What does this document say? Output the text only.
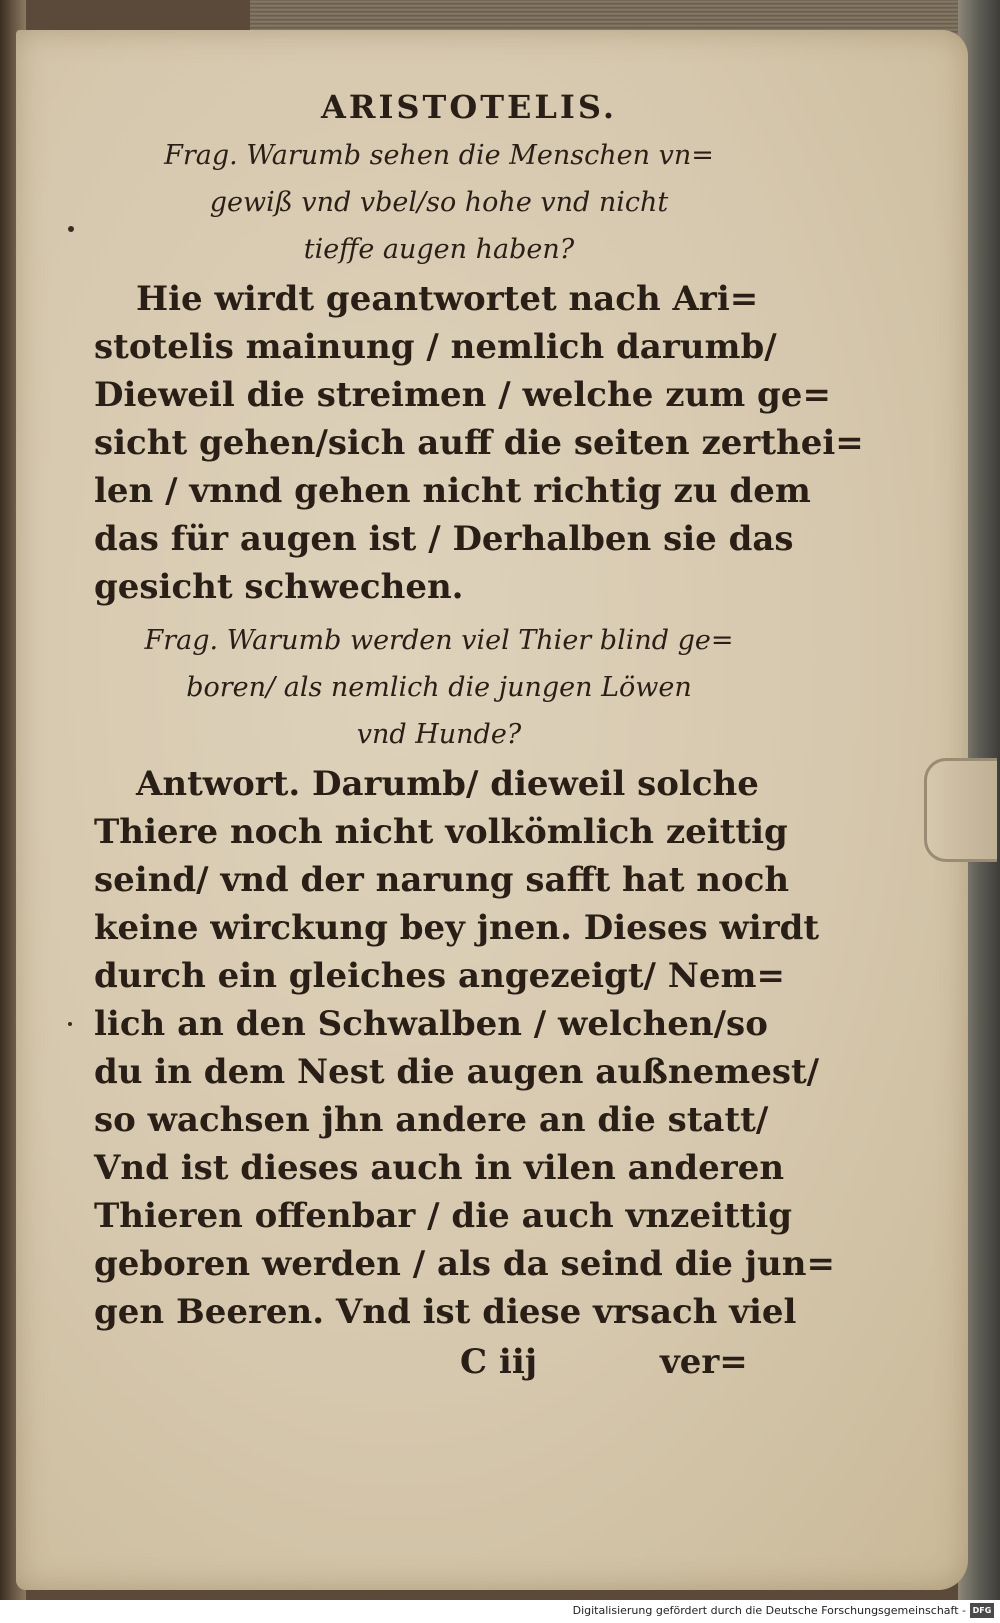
ARISTOTELIS.
Frag. Warumb sehen die Menschen vn=
gewiß vnd vbel/so hohe vnd nicht
tieffe augen haben?
Hie wirdt geantwortet nach Ari=
stotelis mainung / nemlich darumb/
Dieweil die streimen / welche zum ge=
sicht gehen/sich auff die seiten zerthei=
len / vnnd gehen nicht richtig zu dem
das für augen ist / Derhalben sie das
gesicht schwechen.
Frag. Warumb werden viel Thier blind ge=
boren/ als nemlich die jungen Löwen
vnd Hunde?
Antwort. Darumb/ dieweil solche
Thiere noch nicht volkömlich zeittig
seind/ vnd der narung safft hat noch
keine wirckung bey jnen. Dieses wirdt
durch ein gleiches angezeigt/ Nem=
lich an den Schwalben / welchen/so
du in dem Nest die augen außnemest/
so wachsen jhn andere an die statt/
Vnd ist dieses auch in vilen anderen
Thieren offenbar / die auch vnzeittig
geboren werden / als da seind die jun=
gen Beeren. Vnd ist diese vrsach viel
C iij	ver=
Digitalisierung gefördert durch die Deutsche Forschungsgemeinschaft - DFG
